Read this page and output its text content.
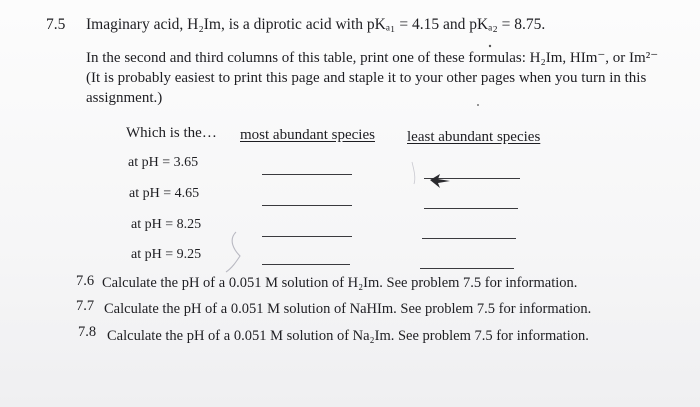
7.5 Imaginary acid, H₂Im, is a diprotic acid with pKₐ₁ = 4.15 and pKₐ₂ = 8.75.
In the second and third columns of this table, print one of these formulas: H₂Im, HIm⁻, or Im²⁻
(It is probably easiest to print this page and staple it to your other pages when you turn in this
assignment.)
Which is the… most abundant species least abundant species
at pH = 3.65
at pH = 4.65
at pH = 8.25
at pH = 9.25
7.6 Calculate the pH of a 0.051 M solution of H₂Im. See problem 7.5 for information.
7.7 Calculate the pH of a 0.051 M solution of NaHIm. See problem 7.5 for information.
7.8 Calculate the pH of a 0.051 M solution of Na₂Im. See problem 7.5 for information.
